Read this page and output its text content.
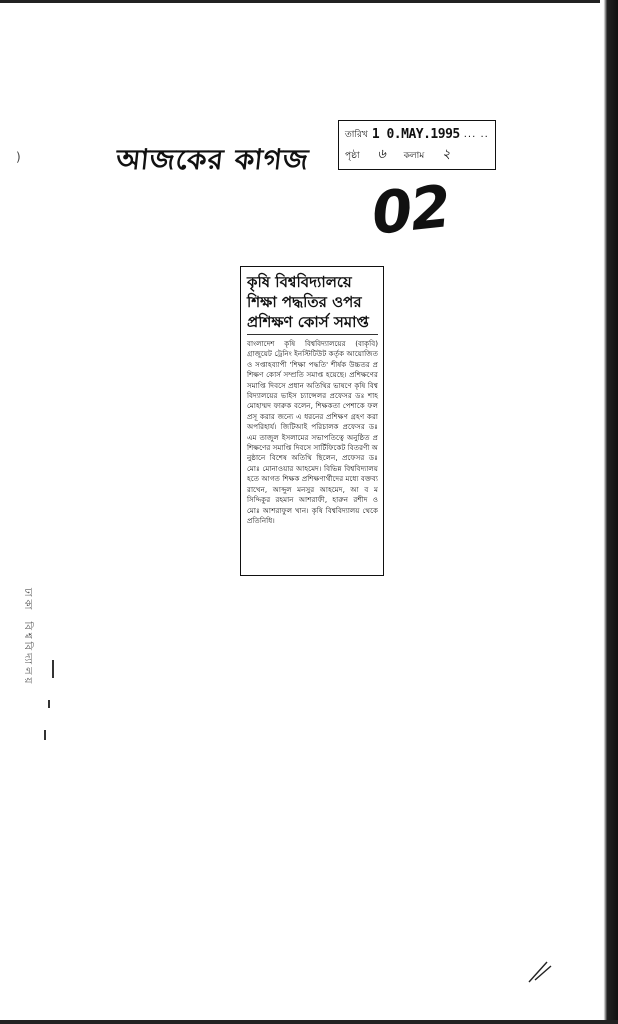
)	আজকের কাগজ
তারিখ 1 0.MAY.1995 ... ..
পৃষ্ঠা	৬	কলাম	২
02
কৃষি বিশ্ববিদ্যালয়ে শিক্ষা পদ্ধতির ওপর প্রশিক্ষণ কোর্স সমাপ্ত

বাংলাদেশ কৃষি বিশ্ববিদ্যালয়ের (বাকৃবি) গ্রাজুয়েট ট্রেনিং ইনস্টিটিউট কর্তৃক আয়োজিত ও সপ্তাহব্যাপী 'শিক্ষা পদ্ধতি' শীর্ষক উচ্চতর প্রশিক্ষণ কোর্স সম্প্রতি সমাপ্ত হয়েছে। প্রশিক্ষণের সমাপ্তি দিবসে প্রধান অতিথির ভাষণে কৃষি বিশ্ববিদ্যালয়ের ভাইস চ্যান্সেলর প্রফেসর ডঃ শাহ মোহাম্মদ ফারুক বলেন, শিক্ষকতা পেশাকে ফলপ্রসূ করার জন্যে এ ধরনের প্রশিক্ষণ গ্রহণ করা অপরিহার্য। জিটিআই পরিচালক প্রফেসর ডঃ এম তাজুল ইসলামের সভাপতিত্বে অনুষ্ঠিত প্রশিক্ষণের সমাপ্তি দিবসে সার্টিফিকেট বিতরণী অনুষ্ঠানে বিশেষ অতিথি ছিলেন, প্রফেসর ডঃ মোঃ মোনাওয়ার আহমেদ। বিভিন্ন বিশ্ববিদ্যালয় হতে আগত শিক্ষক প্রশিক্ষণার্থীদের মধ্যে বক্তব্য রাখেন, আব্দুল মনসুর আহমেদ, আ ব ম সিদ্দিকুর রহমান আশরাফী, হারুন রশীদ ও মোঃ আশরাফুল খান। কৃষি বিশ্ববিদ্যালয় থেকে প্রতিনিধি।

ঢাকা বিশ্ববিদ্যালয়
